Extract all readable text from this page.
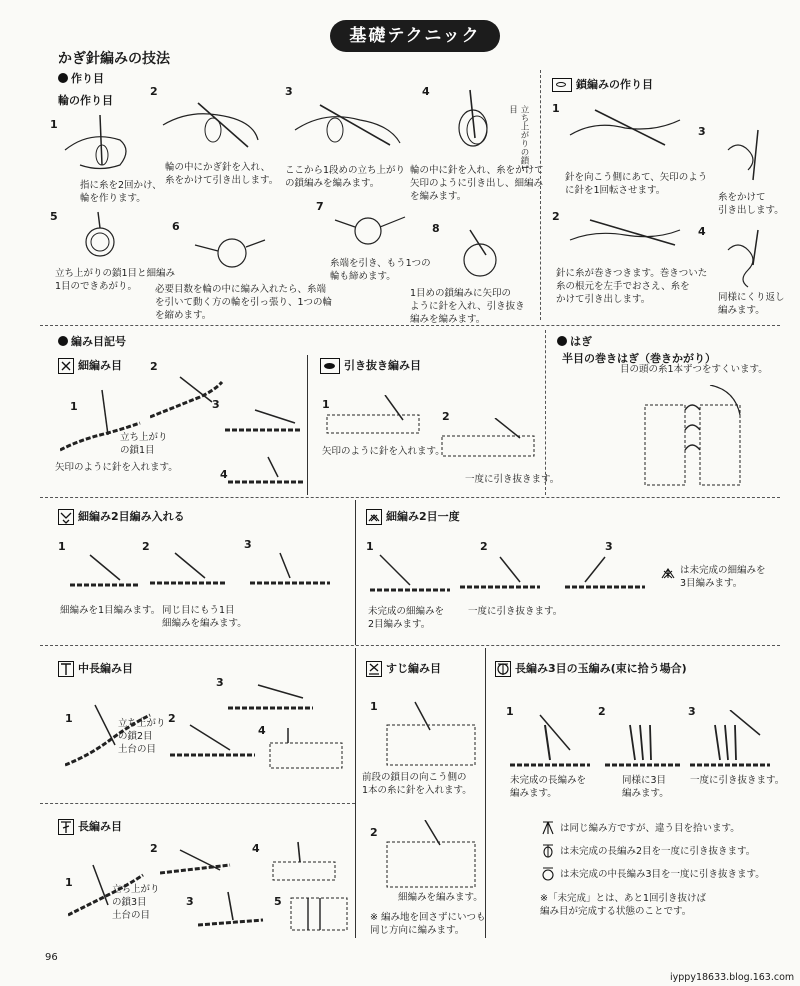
基礎テクニック
かぎ針編みの技法
作り目
輪の作り目
1
2	3	4
5
6
7
8
立ち上がりの鎖1目
指に糸を2回かけ、
輪を作ります。
輪の中にかぎ針を入れ、
糸をかけて引き出します。
ここから1段めの立ち上がり
の鎖編みを編みます。
輪の中に針を入れ、糸をかけて
矢印のように引き出し、細編み
を編みます。
立ち上がりの鎖1目と細編み
1目のできあがり。	必要目数を輪の中に編み入れたら、糸端
を引いて動く方の輪を引っ張り、1つの輪
を縮めます。
糸端を引き、もう1つの
輪も締めます。
1目めの鎖編みに矢印の
ように針を入れ、引き抜き
編みを編みます。
鎖編みの作り目
1
3
2
4
針を向こう側にあて、矢印のよう
に針を1回転させます。
糸をかけて
引き出します。
針に糸が巻きつきます。巻きついた
糸の根元を左手でおさえ、糸を
かけて引き出します。	同様にくり返し
編みます。
編み目記号
細編み目
1
2
3
4
立ち上がり
の鎖1目
矢印のように針を入れます。
引き抜き編み目
1
2
矢印のように針を入れます。
一度に引き抜きます。
はぎ
半目の巻きはぎ（巻きかがり）
目の頭の糸1本ずつをすくいます。
細編み2目編み入れる
1	2	3
細編みを1目編みます。 同じ目にもう1目
細編みを編みます。
細編み2目一度
1	2	3
未完成の細編みを
2目編みます。
一度に引き抜きます。
は未完成の細編みを
3目編みます。
中長編み目
1	2
3
4
立ち上がり
の鎖2目
土台の目
すじ編み目
1
2
前段の鎖目の向こう側の
1本の糸に針を入れます。
細編みを編みます。
※ 編み地を回さずにいつも
同じ方向に編みます。
長編み3目の玉編み(束に拾う場合)
1	2	3
未完成の長編みを
編みます。
同様に3目
編みます。
一度に引き抜きます。
は同じ編み方ですが、違う目を拾います。
は未完成の長編み2目を一度に引き抜きます。
は未完成の中長編み3目を一度に引き抜きます。
※「未完成」とは、あと1回引き抜けば
編み目が完成する状態のことです。
長編み目
1
2
3
4
5
立ち上がり
の鎖3目
土台の目
96
iyppy18633.blog.163.com
